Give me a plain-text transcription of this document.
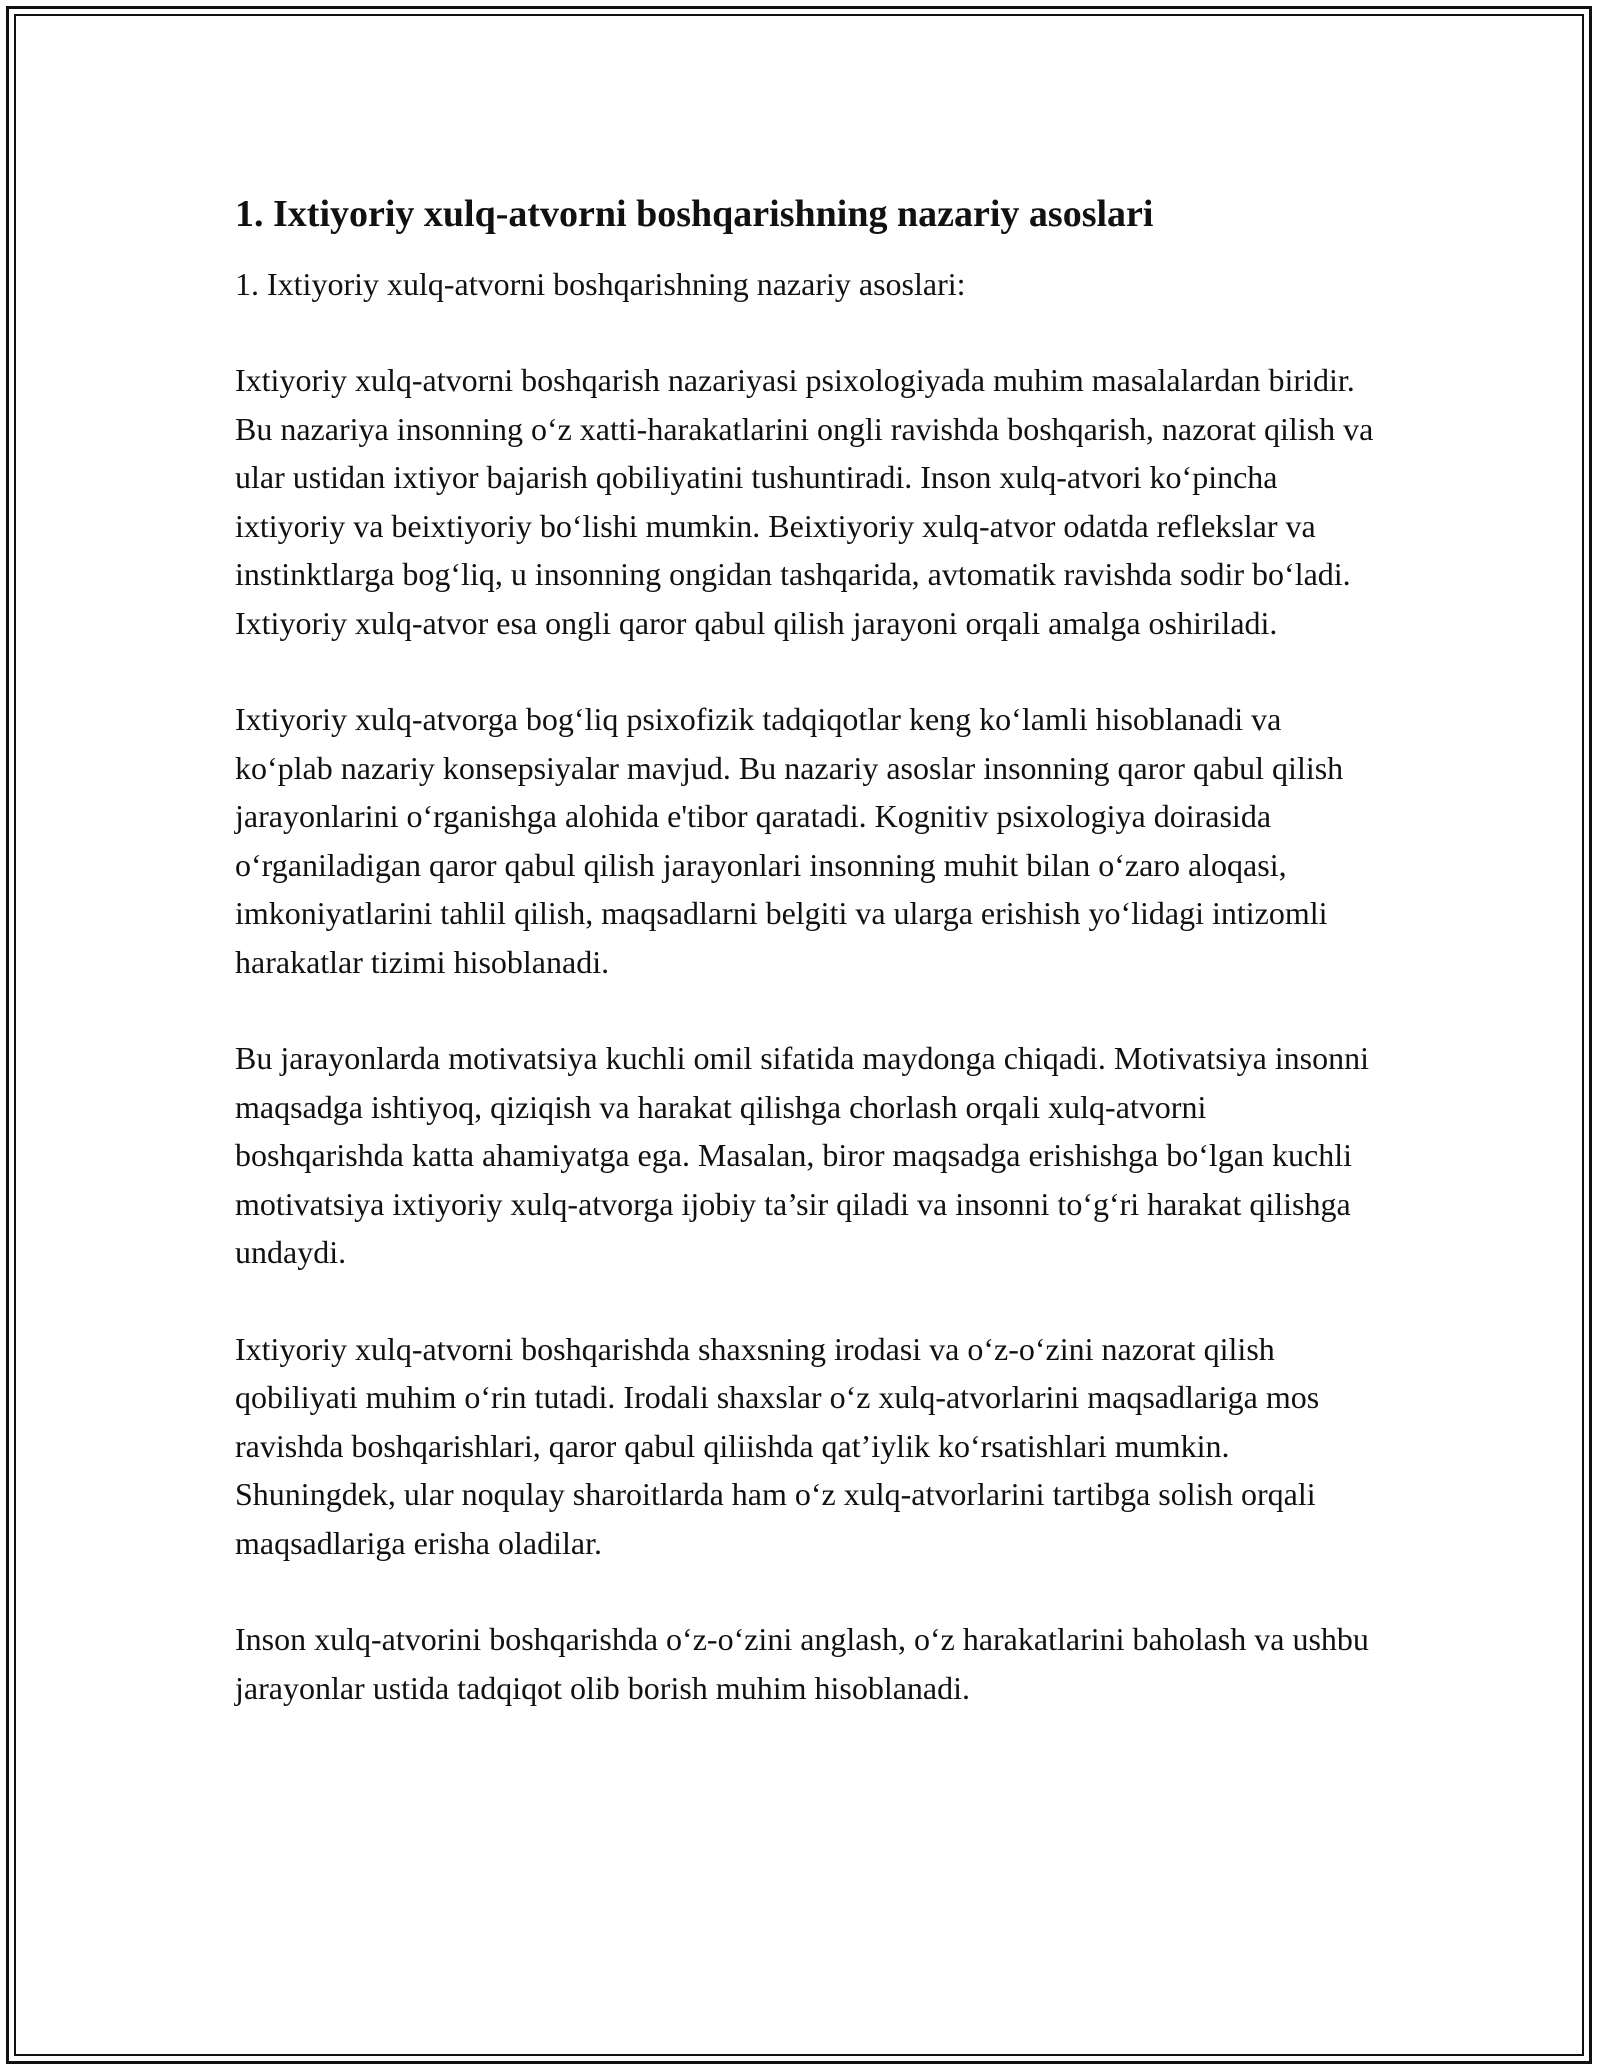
1. Ixtiyoriy xulq-atvorni boshqarishning nazariy asoslari

1. Ixtiyoriy xulq-atvorni boshqarishning nazariy asoslari:

Ixtiyoriy xulq-atvorni boshqarish nazariyasi psixologiyada muhim masalalardan biridir. Bu nazariya insonning o‘z xatti-harakatlarini ongli ravishda boshqarish, nazorat qilish va ular ustidan ixtiyor bajarish qobiliyatini tushuntiradi. Inson xulq-atvori ko‘pincha ixtiyoriy va beixtiyoriy bo‘lishi mumkin. Beixtiyoriy xulq-atvor odatda reflekslar va instinktlarga bog‘liq, u insonning ongidan tashqarida, avtomatik ravishda sodir bo‘ladi. Ixtiyoriy xulq-atvor esa ongli qaror qabul qilish jarayoni orqali amalga oshiriladi.

Ixtiyoriy xulq-atvorga bog‘liq psixofizik tadqiqotlar keng ko‘lamli hisoblanadi va ko‘plab nazariy konsepsiyalar mavjud. Bu nazariy asoslar insonning qaror qabul qilish jarayonlarini o‘rganishga alohida e'tibor qaratadi. Kognitiv psixologiya doirasida o‘rganiladigan qaror qabul qilish jarayonlari insonning muhit bilan o‘zaro aloqasi, imkoniyatlarini tahlil qilish, maqsadlarni belgiti va ularga erishish yo‘lidagi intizomli harakatlar tizimi hisoblanadi.

Bu jarayonlarda motivatsiya kuchli omil sifatida maydonga chiqadi. Motivatsiya insonni maqsadga ishtiyoq, qiziqish va harakat qilishga chorlash orqali xulq-atvorni boshqarishda katta ahamiyatga ega. Masalan, biror maqsadga erishishga bo‘lgan kuchli motivatsiya ixtiyoriy xulq-atvorga ijobiy ta’sir qiladi va insonni to‘g‘ri harakat qilishga undaydi.

Ixtiyoriy xulq-atvorni boshqarishda shaxsning irodasi va o‘z-o‘zini nazorat qilish qobiliyati muhim o‘rin tutadi. Irodali shaxslar o‘z xulq-atvorlarini maqsadlariga mos ravishda boshqarishlari, qaror qabul qiliishda qat’iylik ko‘rsatishlari mumkin. Shuningdek, ular noqulay sharoitlarda ham o‘z xulq-atvorlarini tartibga solish orqali maqsadlariga erisha oladilar.

Inson xulq-atvorini boshqarishda o‘z-o‘zini anglash, o‘z harakatlarini baholash va ushbu jarayonlar ustida tadqiqot olib borish muhim hisoblanadi.
